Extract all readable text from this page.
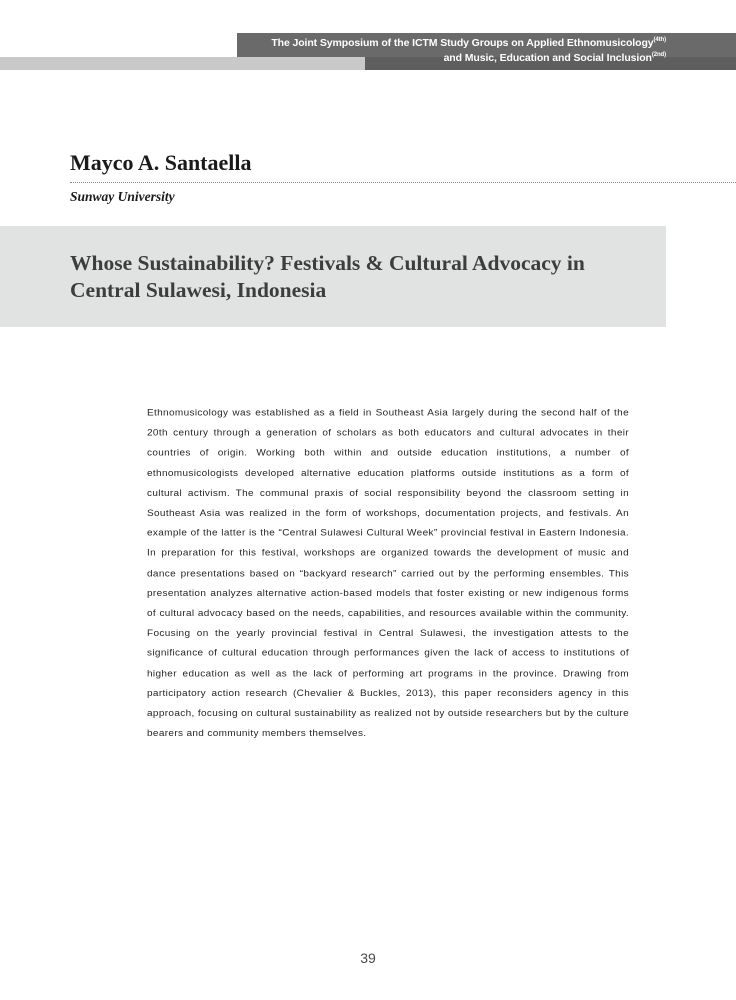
The Joint Symposium of the ICTM Study Groups on Applied Ethnomusicology$^{(4th)}$
and Music, Education and Social Inclusion$^{(2nd)}$
Mayco A. Santaella
Sunway University
Whose Sustainability? Festivals & Cultural Advocacy in Central Sulawesi, Indonesia

Ethnomusicology was established as a field in Southeast Asia largely during the second half of the 20th century through a generation of scholars as both educators and cultural advocates in their countries of origin. Working both within and outside education institutions, a number of ethnomusicologists developed alternative education platforms outside institutions as a form of cultural activism. The communal praxis of social responsibility beyond the classroom setting in Southeast Asia was realized in the form of workshops, documentation projects, and festivals. An example of the latter is the “Central Sulawesi Cultural Week” provincial festival in Eastern Indonesia. In preparation for this festival, workshops are organized towards the development of music and dance presentations based on “backyard research” carried out by the performing ensembles. This presentation analyzes alternative action-based models that foster existing or new indigenous forms of cultural advocacy based on the needs, capabilities, and resources available within the community. Focusing on the yearly provincial festival in Central Sulawesi, the investigation attests to the significance of cultural education through performances given the lack of access to institutions of higher education as well as the lack of performing art programs in the province. Drawing from participatory action research (Chevalier & Buckles, 2013), this paper reconsiders agency in this approach, focusing on cultural sustainability as realized not by outside researchers but by the culture bearers and community members themselves.

39
